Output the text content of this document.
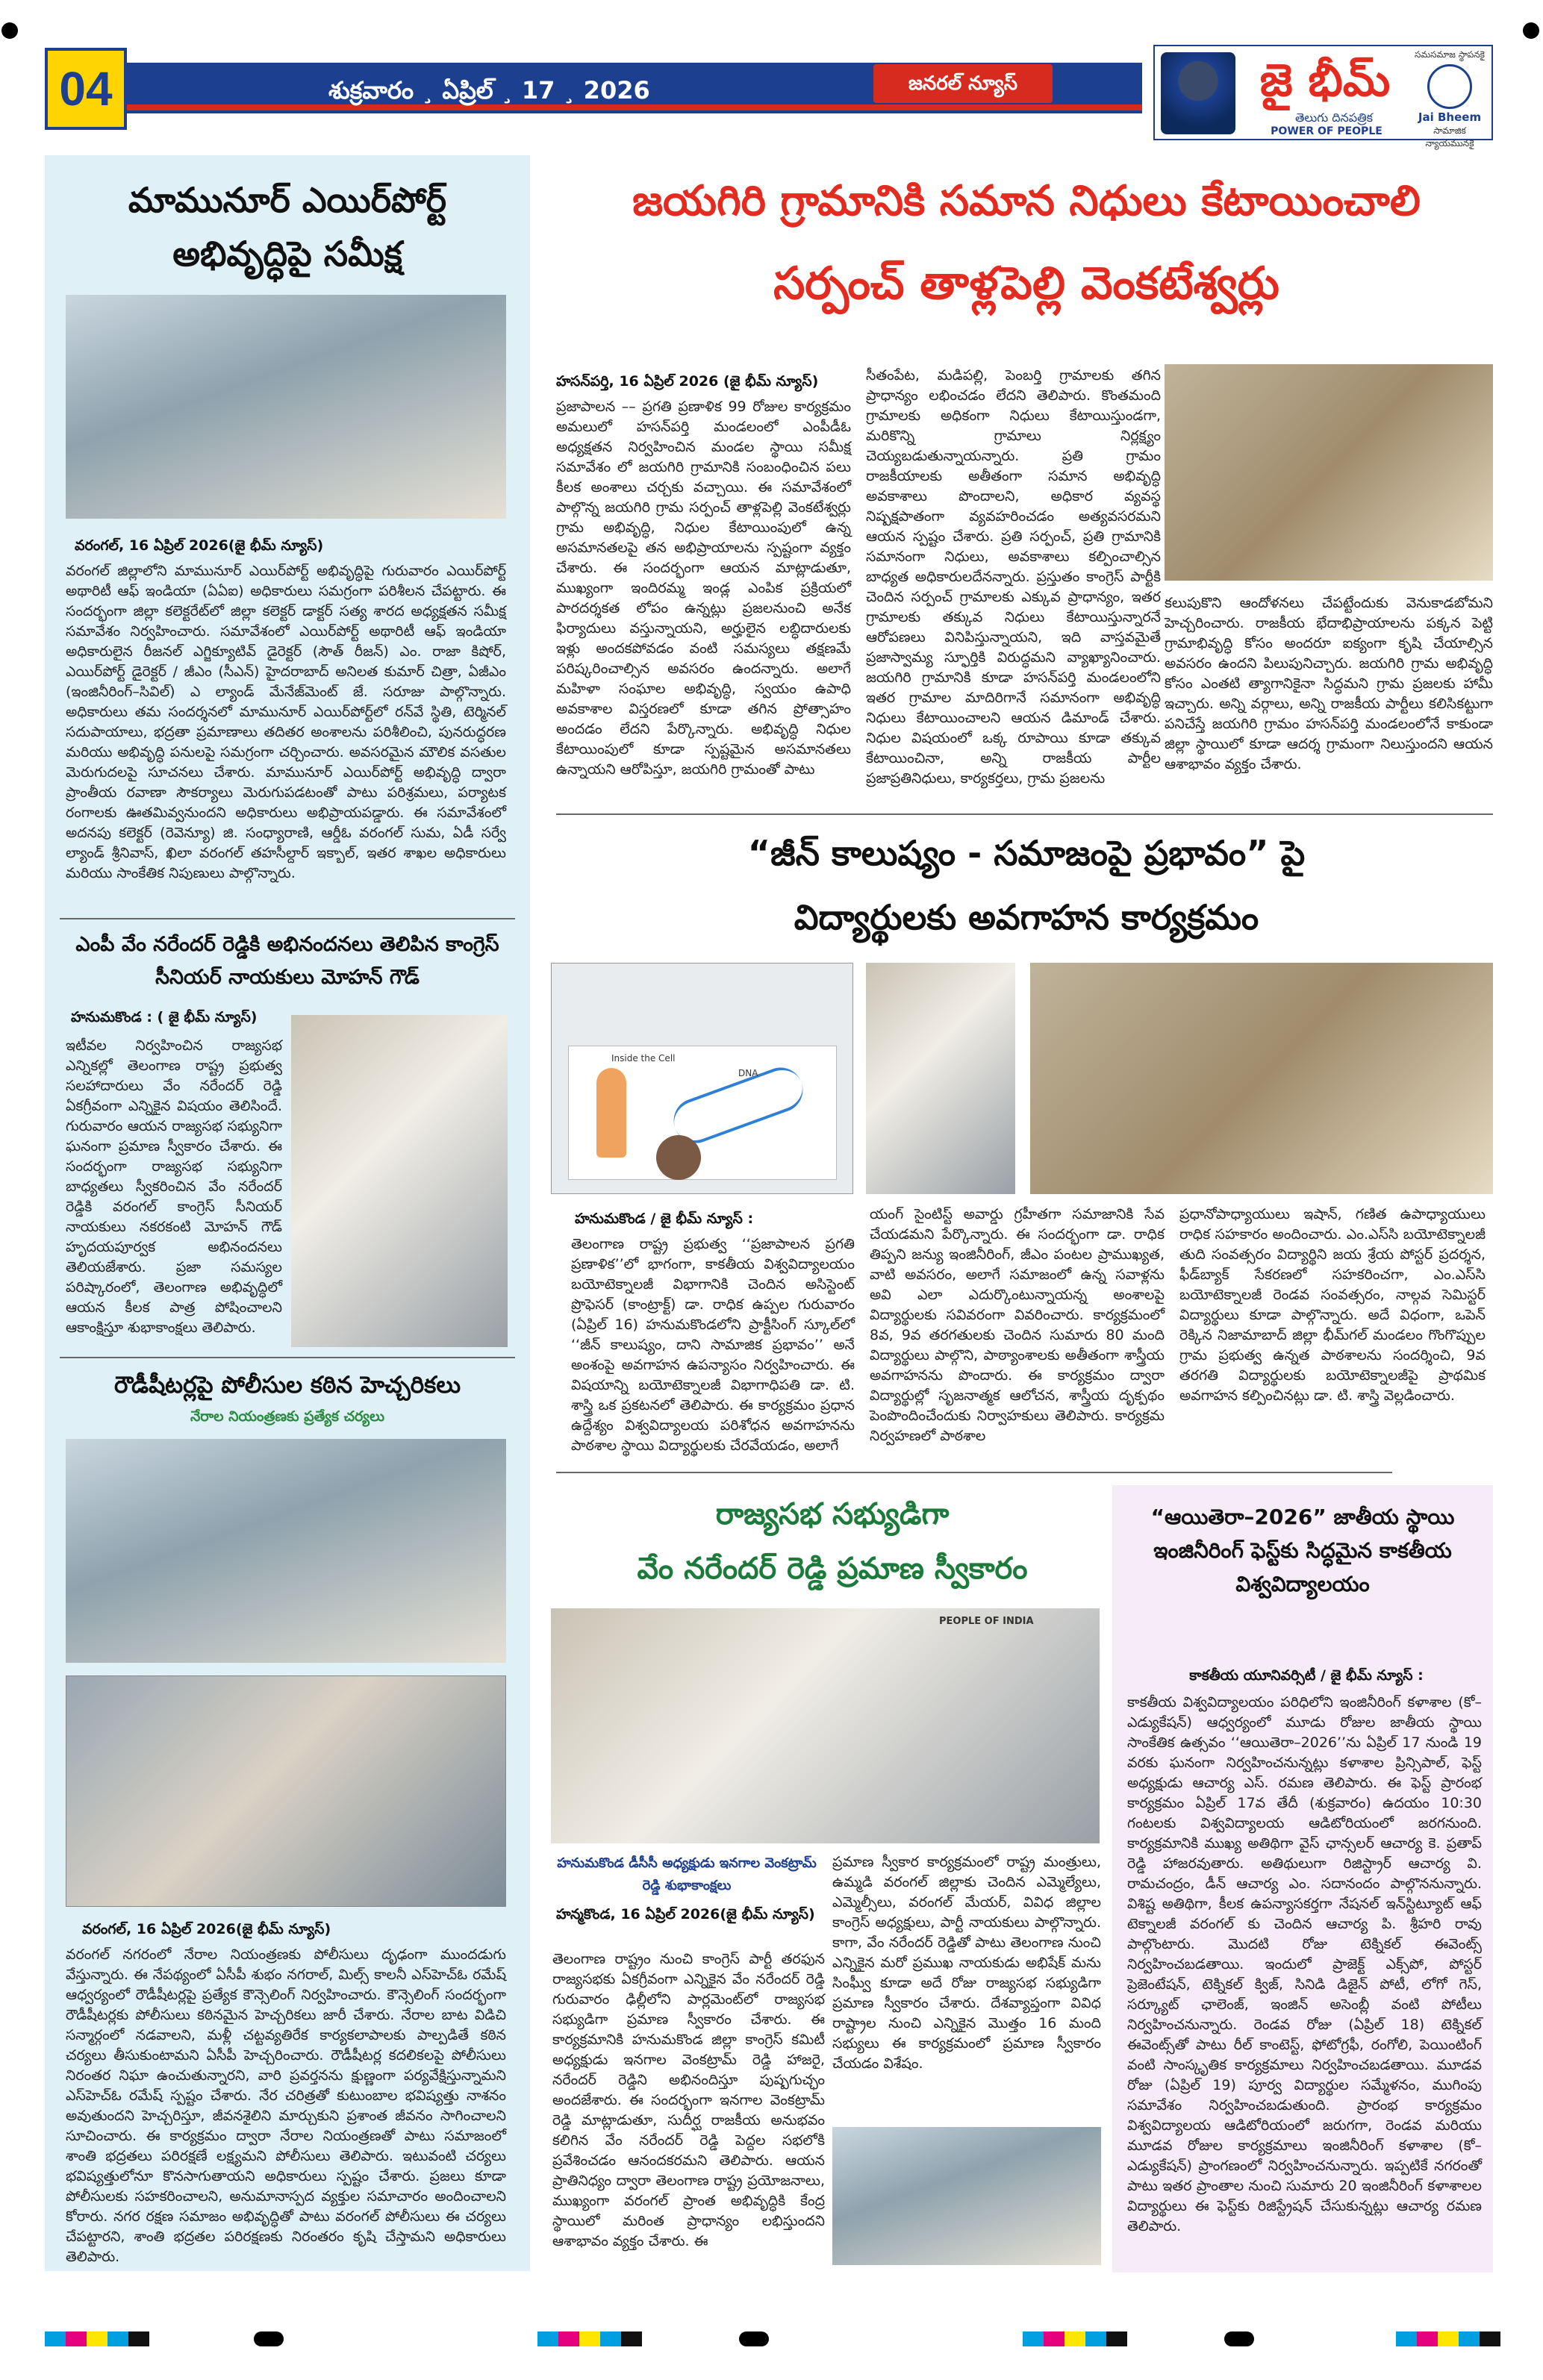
04	శుక్రవారం ¸ ఏప్రిల్ ¸ 17 ¸ 2026	జనరల్ న్యూస్	జై భీమ్
తెలుగు దినపత్రిక
POWER OF PEOPLE
సమసమాజ స్థాపనకై
Jai Bheem
సామాజిక న్యాయమునకై
మామునూర్ ఎయిర్‌పోర్ట్ అభివృద్ధిపై సమీక్ష
వరంగల్, 16 ఏప్రిల్ 2026(జై భీమ్ న్యూస్)
వరంగల్ జిల్లాలోని మామునూర్ ఎయిర్‌పోర్ట్ అభివృద్ధిపై గురువారం ఎయిర్‌పోర్ట్ అథారిటీ ఆఫ్ ఇండియా (ఏఏఐ) అధికారులు సమగ్రంగా పరిశీలన చేపట్టారు. ఈ సందర్భంగా జిల్లా కలెక్టరేట్‌లో జిల్లా కలెక్టర్ డాక్టర్ సత్య శారద అధ్యక్షతన సమీక్ష సమావేశం నిర్వహించారు. సమావేశంలో ఎయిర్‌పోర్ట్ అథారిటీ ఆఫ్ ఇండియా అధికారులైన రీజనల్ ఎగ్జిక్యూటివ్ డైరెక్టర్ (సౌత్ రీజన్) ఎం. రాజా కిషోర్, ఎయిర్‌పోర్ట్ డైరెక్టర్ / జీఎం (సీఎన్) హైదరాబాద్ అనిలత కుమార్ చిత్రా, ఏజీఎం (ఇంజినీరింగ్–సివిల్) ఎ ల్యాండ్ మేనేజ్‌మెంట్ జే. సరూజు పాల్గొన్నారు. అధికారులు తమ సందర్శనలో మామునూర్ ఎయిర్‌పోర్ట్‌లో రన్‌వే స్థితి, టెర్మినల్ సదుపాయాలు, భద్రతా ప్రమాణాలు తదితర అంశాలను పరిశీలించి, పునరుద్ధరణ మరియు అభివృద్ధి పనులపై సమగ్రంగా చర్చించారు. అవసరమైన మౌలిక వసతుల మెరుగుదలపై సూచనలు చేశారు. మామునూర్ ఎయిర్‌పోర్ట్ అభివృద్ధి ద్వారా ప్రాంతీయ రవాణా సౌకర్యాలు మెరుగుపడటంతో పాటు పరిశ్రమలు, పర్యాటక రంగాలకు ఊతమివ్వనుందని అధికారులు అభిప్రాయపడ్డారు. ఈ సమావేశంలో అదనపు కలెక్టర్ (రెవెన్యూ) జి. సంధ్యారాణి, ఆర్డీఓ వరంగల్ సుమ, ఏడీ సర్వే ల్యాండ్ శ్రీనివాస్, ఖిలా వరంగల్ తహసీల్దార్ ఇక్బాల్, ఇతర శాఖల అధికారులు మరియు సాంకేతిక నిపుణులు పాల్గొన్నారు.
ఎంపీ వేం నరేందర్ రెడ్డికి అభినందనలు తెలిపిన కాంగ్రెస్ సీనియర్ నాయకులు మోహన్ గౌడ్
హనుమకొండ : ( జై భీమ్ న్యూస్)
ఇటీవల నిర్వహించిన రాజ్యసభ ఎన్నికల్లో తెలంగాణ రాష్ట్ర ప్రభుత్వ సలహాదారులు వేం నరేందర్ రెడ్డి ఏకగ్రీవంగా ఎన్నికైన విషయం తెలిసిందే. గురువారం ఆయన రాజ్యసభ సభ్యునిగా ఘనంగా ప్రమాణ స్వీకారం చేశారు. ఈ సందర్భంగా రాజ్యసభ సభ్యునిగా బాధ్యతలు స్వీకరించిన వేం నరేందర్ రెడ్డికి వరంగల్ కాంగ్రెస్ సీనియర్ నాయకులు నకరకంటి మోహన్ గౌడ్ హృదయపూర్వక అభినందనలు తెలియజేశారు. ప్రజా సమస్యల పరిష్కారంలో, తెలంగాణ అభివృద్ధిలో ఆయన కీలక పాత్ర పోషించాలని ఆకాంక్షిస్తూ శుభాకాంక్షలు తెలిపారు.
రౌడీషీటర్లపై పోలీసుల కఠిన హెచ్చరికలు
నేరాల నియంత్రణకు ప్రత్యేక చర్యలు
వరంగల్, 16 ఏప్రిల్ 2026(జై భీమ్ న్యూస్)
వరంగల్ నగరంలో నేరాల నియంత్రణకు పోలీసులు దృఢంగా ముందడుగు వేస్తున్నారు. ఈ నేపథ్యంలో ఏసీపీ శుభం నగరాల్, మిల్స్ కాలనీ ఎస్‌హెచ్‌ఓ రమేష్ ఆధ్వర్యంలో రౌడీషీటర్లపై ప్రత్యేక కౌన్సెలింగ్ నిర్వహించారు. కౌన్సెలింగ్ సందర్భంగా రౌడీషీటర్లకు పోలీసులు కఠినమైన హెచ్చరికలు జారీ చేశారు. నేరాల బాట విడిచి సన్మార్గంలో నడవాలని, మళ్లీ చట్టవ్యతిరేక కార్యకలాపాలకు పాల్పడితే కఠిన చర్యలు తీసుకుంటామని ఏసీపీ హెచ్చరించారు. రౌడీషీటర్ల కదలికలపై పోలీసులు నిరంతర నిఘా ఉంచుతున్నారని, వారి ప్రవర్తనను క్షుణ్ణంగా పర్యవేక్షిస్తున్నామని ఎస్‌హెచ్‌ఓ రమేష్ స్పష్టం చేశారు. నేర చరిత్రతో కుటుంబాల భవిష్యత్తు నాశనం అవుతుందని హెచ్చరిస్తూ, జీవనశైలిని మార్చుకుని ప్రశాంత జీవనం సాగించాలని సూచించారు. ఈ కార్యక్రమం ద్వారా నేరాల నియంత్రణతో పాటు సమాజంలో శాంతి భద్రతలు పరిరక్షణే లక్ష్యమని పోలీసులు తెలిపారు. ఇటువంటి చర్యలు భవిష్యత్తులోనూ కొనసాగుతాయని అధికారులు స్పష్టం చేశారు. ప్రజలు కూడా పోలీసులకు సహకరించాలని, అనుమానాస్పద వ్యక్తుల సమాచారం అందించాలని కోరారు. నగర రక్షణ సమాజం అభివృద్ధితో పాటు వరంగల్ పోలీసులు ఈ చర్యలు చేపట్టారని, శాంతి భద్రతల పరిరక్షణకు నిరంతరం కృషి చేస్తామని అధికారులు తెలిపారు.
జయగిరి గ్రామానికి సమాన నిధులు కేటాయించాలి
సర్పంచ్ తాళ్లపెల్లి వెంకటేశ్వర్లు
హసన్‌పర్తి, 16 ఏప్రిల్ 2026 (జై భీమ్ న్యూస్)
ప్రజాపాలన –– ప్రగతి ప్రణాళిక 99 రోజుల కార్యక్రమం అమలులో హసన్‌పర్తి మండలంలో ఎంపీడీఓ అధ్యక్షతన నిర్వహించిన మండల స్థాయి సమీక్ష సమావేశం లో జయగిరి గ్రామానికి సంబంధించిన పలు కీలక అంశాలు చర్చకు వచ్చాయి. ఈ సమావేశంలో పాల్గొన్న జయగిరి గ్రామ సర్పంచ్ తాళ్లపెల్లి వెంకటేశ్వర్లు గ్రామ అభివృద్ధి, నిధుల కేటాయింపులో ఉన్న అసమానతలపై తన అభిప్రాయాలను స్పష్టంగా వ్యక్తం చేశారు. ఈ సందర్భంగా ఆయన మాట్లాడుతూ, ముఖ్యంగా ఇందిరమ్మ ఇండ్ల ఎంపిక ప్రక్రియలో పారదర్శకత లోపం ఉన్నట్లు ప్రజలనుంచి అనేక ఫిర్యాదులు వస్తున్నాయని, అర్హులైన లబ్ధిదారులకు ఇళ్లు అందకపోవడం వంటి సమస్యలు తక్షణమే పరిష్కరించాల్సిన అవసరం ఉందన్నారు. అలాగే మహిళా సంఘాల అభివృద్ధి, స్వయం ఉపాధి అవకాశాల విస్తరణలో కూడా తగిన ప్రోత్సాహం అందడం లేదని పేర్కొన్నారు. అభివృద్ధి నిధుల కేటాయింపులో కూడా స్పష్టమైన అసమానతలు ఉన్నాయని ఆరోపిస్తూ, జయగిరి గ్రామంతో పాటు
సీతంపేట, మడిపల్లి, పెంబర్తి గ్రామాలకు తగిన ప్రాధాన్యం లభించడం లేదని తెలిపారు. కొంతమంది గ్రామాలకు అధికంగా నిధులు కేటాయిస్తుండగా, మరికొన్ని గ్రామాలు నిర్లక్ష్యం చెయ్యబడుతున్నాయన్నారు. ప్రతి గ్రామం రాజకీయాలకు అతీతంగా సమాన అభివృద్ధి అవకాశాలు పొందాలని, అధికార వ్యవస్థ నిష్పక్షపాతంగా వ్యవహరించడం అత్యవసరమని ఆయన స్పష్టం చేశారు. ప్రతి సర్పంచ్, ప్రతి గ్రామానికి సమానంగా నిధులు, అవకాశాలు కల్పించాల్సిన బాధ్యత అధికారులదేనన్నారు. ప్రస్తుతం కాంగ్రెస్ పార్టీకి చెందిన సర్పంచ్ గ్రామాలకు ఎక్కువ ప్రాధాన్యం, ఇతర గ్రామాలకు తక్కువ నిధులు కేటాయిస్తున్నారనే ఆరోపణలు వినిపిస్తున్నాయని, ఇది వాస్తవమైతే ప్రజాస్వామ్య స్ఫూర్తికి విరుద్ధమని వ్యాఖ్యానించారు. జయగిరి గ్రామానికి కూడా హసన్‌పర్తి మండలంలోని ఇతర గ్రామాల మాదిరిగానే సమానంగా అభివృద్ధి నిధులు కేటాయించాలని ఆయన డిమాండ్ చేశారు. నిధుల విషయంలో ఒక్క రూపాయి కూడా తక్కువ కేటాయించినా, అన్ని రాజకీయ పార్టీల ప్రజాప్రతినిధులు, కార్యకర్తలు, గ్రామ ప్రజలను
కలుపుకొని ఆందోళనలు చేపట్టేందుకు వెనుకాడబోమని హెచ్చరించారు. రాజకీయ భేదాభిప్రాయాలను పక్కన పెట్టి గ్రామాభివృద్ధి కోసం అందరూ ఐక్యంగా కృషి చేయాల్సిన అవసరం ఉందని పిలుపునిచ్చారు. జయగిరి గ్రామ అభివృద్ధి కోసం ఎంతటి త్యాగానికైనా సిద్ధమని గ్రామ ప్రజలకు హామీ ఇచ్చారు. అన్ని వర్గాలు, అన్ని రాజకీయ పార్టీలు కలిసికట్టుగా పనిచేస్తే జయగిరి గ్రామం హసన్‌పర్తి మండలంలోనే కాకుండా జిల్లా స్థాయిలో కూడా ఆదర్శ గ్రామంగా నిలుస్తుందని ఆయన ఆశాభావం వ్యక్తం చేశారు.
“జీన్ కాలుష్యం - సమాజంపై ప్రభావం” పై
విద్యార్థులకు అవగాహన కార్యక్రమం
Inside the Cell
DNA
హనుమకొండ / జై భీమ్ న్యూస్ :
తెలంగాణ రాష్ట్ర ప్రభుత్వ ‘‘ప్రజాపాలన ప్రగతి ప్రణాళిక’’లో భాగంగా, కాకతీయ విశ్వవిద్యాలయం బయోటెక్నాలజీ విభాగానికి చెందిన అసిస్టెంట్ ప్రొఫెసర్ (కాంట్రాక్ట్) డా. రాధిక ఉప్పల గురువారం (ఏప్రిల్ 16) హనుమకొండలోని ప్రాక్టీసింగ్ స్కూల్‌లో ‘‘జీన్ కాలుష్యం, దాని సామాజిక ప్రభావం’’ అనే అంశంపై అవగాహన ఉపన్యాసం నిర్వహించారు. ఈ విషయాన్ని బయోటెక్నాలజీ విభాగాధిపతి డా. టి. శాస్త్రి ఒక ప్రకటనలో తెలిపారు. ఈ కార్యక్రమం ప్రధాన ఉద్దేశ్యం విశ్వవిద్యాలయ పరిశోధన అవగాహనను పాఠశాల స్థాయి విద్యార్థులకు చేరవేయడం, అలాగే
యంగ్ సైంటిస్ట్ అవార్డు గ్రహీతగా సమాజానికి సేవ చేయడమని పేర్కొన్నారు. ఈ సందర్భంగా డా. రాధిక తిప్పని జన్యు ఇంజినీరింగ్, జీఎం పంటల ప్రాముఖ్యత, వాటి అవసరం, అలాగే సమాజంలో ఉన్న సవాళ్లను అవి ఎలా ఎదుర్కొంటున్నాయన్న అంశాలపై విద్యార్థులకు సవివరంగా వివరించారు. కార్యక్రమంలో 8వ, 9వ తరగతులకు చెందిన సుమారు 80 మంది విద్యార్థులు పాల్గొని, పాఠ్యాంశాలకు అతీతంగా శాస్త్రీయ అవగాహనను పొందారు. ఈ కార్యక్రమం ద్వారా విద్యార్థుల్లో సృజనాత్మక ఆలోచన, శాస్త్రీయ దృక్పథం పెంపొందించేందుకు నిర్వాహకులు తెలిపారు. కార్యక్రమ నిర్వహణలో పాఠశాల
ప్రధానోపాధ్యాయులు ఇషాన్, గణిత ఉపాధ్యాయులు రాధిక సహకారం అందించారు. ఎం.ఎస్‌సి బయోటెక్నాలజీ తుది సంవత్సరం విద్యార్థిని జయ శ్రేయ పోస్టర్ ప్రదర్శన, ఫీడ్‌బ్యాక్ సేకరణలో సహకరించగా, ఎం.ఎస్‌సి బయోటెక్నాలజీ రెండవ సంవత్సరం, నాల్గవ సెమిస్టర్ విద్యార్థులు కూడా పాల్గొన్నారు. అదే విధంగా, ఒపెన్ రెక్కిన నిజామాబాద్ జిల్లా భీమ్‌గల్ మండలం గొంగొప్పుల గ్రామ ప్రభుత్వ ఉన్నత పాఠశాలను సందర్శించి, 9వ తరగతి విద్యార్థులకు బయోటెక్నాలజీపై ప్రాథమిక అవగాహన కల్పించినట్లు డా. టి. శాస్త్రి వెల్లడించారు.
రాజ్యసభ సభ్యుడిగా
వేం నరేందర్ రెడ్డి ప్రమాణ స్వీకారం
PEOPLE OF INDIA
హనుమకొండ డీసీసీ అధ్యక్షుడు ఇనగాల వెంకట్రామ్ రెడ్డి శుభాకాంక్షలు
హన్మకొండ, 16 ఏప్రిల్ 2026(జై భీమ్ న్యూస్)
తెలంగాణ రాష్ట్రం నుంచి కాంగ్రెస్ పార్టీ తరఫున రాజ్యసభకు ఏకగ్రీవంగా ఎన్నికైన వేం నరేందర్ రెడ్డి గురువారం ఢిల్లీలోని పార్లమెంట్‌లో రాజ్యసభ సభ్యుడిగా ప్రమాణ స్వీకారం చేశారు. ఈ కార్యక్రమానికి హనుమకొండ జిల్లా కాంగ్రెస్ కమిటీ అధ్యక్షుడు ఇనగాల వెంకట్రామ్ రెడ్డి హాజరై, నరేందర్ రెడ్డిని అభినందిస్తూ పుష్పగుచ్ఛం అందజేశారు. ఈ సందర్భంగా ఇనగాల వెంకట్రామ్ రెడ్డి మాట్లాడుతూ, సుదీర్ఘ రాజకీయ అనుభవం కలిగిన వేం నరేందర్ రెడ్డి పెద్దల సభలోకి ప్రవేశించడం ఆనందకరమని తెలిపారు. ఆయన ప్రాతినిధ్యం ద్వారా తెలంగాణ రాష్ట్ర ప్రయోజనాలు, ముఖ్యంగా వరంగల్ ప్రాంత అభివృద్ధికి కేంద్ర స్థాయిలో మరింత ప్రాధాన్యం లభిస్తుందని ఆశాభావం వ్యక్తం చేశారు. ఈ
ప్రమాణ స్వీకార కార్యక్రమంలో రాష్ట్ర మంత్రులు, ఉమ్మడి వరంగల్ జిల్లాకు చెందిన ఎమ్మెల్యేలు, ఎమ్మెల్సీలు, వరంగల్ మేయర్, వివిధ జిల్లాల కాంగ్రెస్ అధ్యక్షులు, పార్టీ నాయకులు పాల్గొన్నారు. కాగా, వేం నరేందర్ రెడ్డితో పాటు తెలంగాణ నుంచి ఎన్నికైన మరో ప్రముఖ నాయకుడు అభిషేక్ మను సింఘ్వీ కూడా అదే రోజు రాజ్యసభ సభ్యుడిగా ప్రమాణ స్వీకారం చేశారు. దేశవ్యాప్తంగా వివిధ రాష్ట్రాల నుంచి ఎన్నికైన మొత్తం 16 మంది సభ్యులు ఈ కార్యక్రమంలో ప్రమాణ స్వీకారం చేయడం విశేషం.
“ఆయితెరా–2026” జాతీయ స్థాయి ఇంజినీరింగ్ ఫెస్ట్‌కు సిద్ధమైన కాకతీయ విశ్వవిద్యాలయం
కాకతీయ యూనివర్సిటీ / జై భీమ్ న్యూస్ :
కాకతీయ విశ్వవిద్యాలయం పరిధిలోని ఇంజినీరింగ్ కళాశాల (కో–ఎడ్యుకేషన్) ఆధ్వర్యంలో మూడు రోజుల జాతీయ స్థాయి సాంకేతిక ఉత్సవం ‘‘ఆయితెరా–2026’’ను ఏప్రిల్ 17 నుండి 19 వరకు ఘనంగా నిర్వహించనున్నట్లు కళాశాల ప్రిన్సిపాల్, ఫెస్ట్ అధ్యక్షుడు ఆచార్య ఎస్. రమణ తెలిపారు. ఈ ఫెస్ట్ ప్రారంభ కార్యక్రమం ఏప్రిల్ 17వ తేదీ (శుక్రవారం) ఉదయం 10:30 గంటలకు విశ్వవిద్యాలయ ఆడిటోరియంలో జరగనుంది. కార్యక్రమానికి ముఖ్య అతిథిగా వైస్ ఛాన్సలర్ ఆచార్య కె. ప్రతాప్ రెడ్డి హాజరవుతారు. అతిథులుగా రిజిస్ట్రార్ ఆచార్య వి. రామచంద్రం, డీన్ ఆచార్య ఎం. సదానందం పాల్గొననున్నారు. విశిష్ట అతిథిగా, కీలక ఉపన్యాసకర్తగా నేషనల్ ఇన్‌స్టిట్యూట్ ఆఫ్ టెక్నాలజీ వరంగల్ కు చెందిన ఆచార్య పి. శ్రీహరి రావు పాల్గొంటారు. మొదటి రోజు టెక్నికల్ ఈవెంట్స్ నిర్వహించబడతాయి. ఇందులో ప్రాజెక్ట్ ఎక్స్‌పో, పోస్టర్ ప్రెజెంటేషన్, టెక్నికల్ క్విజ్, సినిడి డిజైన్ పోటీ, లోగో గెస్, సర్క్యూట్ ఛాలెంజ్, ఇంజిన్ అసెంబ్లీ వంటి పోటీలు నిర్వహించనున్నారు. రెండవ రోజు (ఏప్రిల్ 18) టెక్నికల్ ఈవెంట్స్‌తో పాటు రీల్ కాంటెస్ట్, ఫోటోగ్రఫీ, రంగోలి, పెయింటింగ్ వంటి సాంస్కృతిక కార్యక్రమాలు నిర్వహించబడతాయి. మూడవ రోజు (ఏప్రిల్ 19) పూర్వ విద్యార్థుల సమ్మేళనం, ముగింపు సమావేశం నిర్వహించబడుతుంది. ప్రారంభ కార్యక్రమం విశ్వవిద్యాలయ ఆడిటోరియంలో జరుగగా, రెండవ మరియు మూడవ రోజుల కార్యక్రమాలు ఇంజినీరింగ్ కళాశాల (కో–ఎడ్యుకేషన్) ప్రాంగణంలో నిర్వహించనున్నారు. ఇప్పటికే నగరంతో పాటు ఇతర ప్రాంతాల నుంచి సుమారు 20 ఇంజినీరింగ్ కళాశాలల విద్యార్థులు ఈ ఫెస్ట్‌కు రిజిస్ట్రేషన్ చేసుకున్నట్లు ఆచార్య రమణ తెలిపారు.
